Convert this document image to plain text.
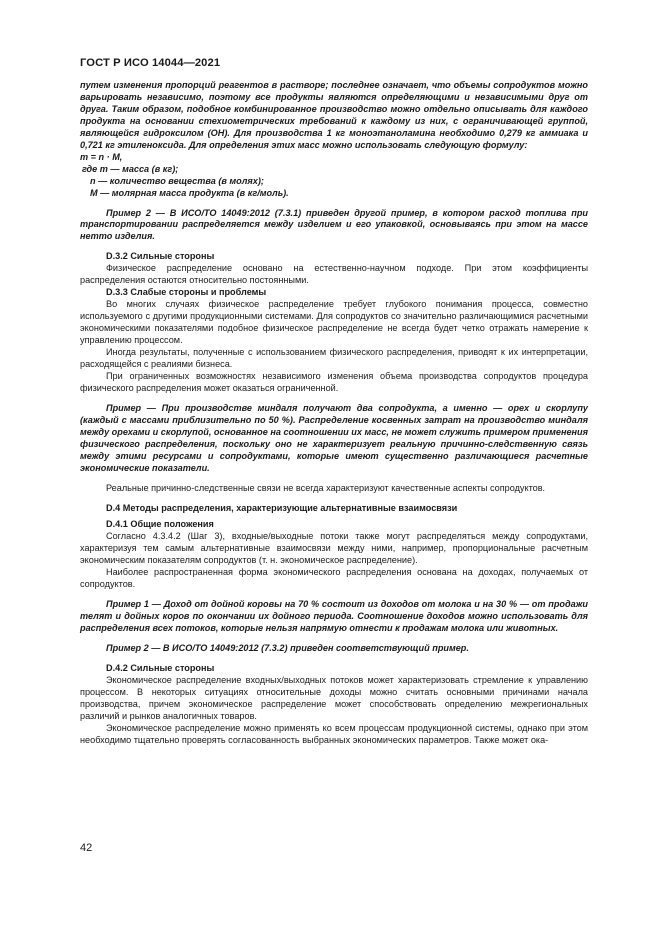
ГОСТ Р ИСО 14044—2021

путем изменения пропорций реагентов в растворе; последнее означает, что объемы сопродуктов можно варьировать независимо, поэтому все продукты являются определяющими и независимыми друг от друга. Таким образом, подобное комбинированное производство можно отдельно описывать для каждого продукта на основании стехиометрических требований к каждому из них, с ограничивающей группой, являющейся гидроксилом (ОН). Для производства 1 кг моноэтаноламина необходимо 0,279 кг аммиака и 0,721 кг этиленоксида. Для определения этих масс можно использовать следующую формулу:

m = n · M,

где m — масса (в кг);

n — количество вещества (в молях);

M — молярная масса продукта (в кг/моль).

Пример 2 — В ИСО/ТО 14049:2012 (7.3.1) приведен другой пример, в котором расход топлива при транспортировании распределяется между изделием и его упаковкой, основываясь при этом на массе нетто изделия.

D.3.2 Сильные стороны

Физическое распределение основано на естественно-научном подходе. При этом коэффициенты распределения остаются относительно постоянными.

D.3.3 Слабые стороны и проблемы

Во многих случаях физическое распределение требует глубокого понимания процесса, совместно используемого с другими продукционными системами. Для сопродуктов со значительно различающимися расчетными экономическими показателями подобное физическое распределение не всегда будет четко отражать намерение к управлению процессом.

Иногда результаты, полученные с использованием физического распределения, приводят к их интерпретации, расходящейся с реалиями бизнеса.

При ограниченных возможностях независимого изменения объема производства сопродуктов процедура физического распределения может оказаться ограниченной.

Пример — При производстве миндаля получают два сопродукта, а именно — орех и скорлупу (каждый с массами приблизительно по 50 %). Распределение косвенных затрат на производство миндаля между орехами и скорлупой, основанное на соотношении их масс, не может служить примером применения физического распределения, поскольку оно не характеризует реальную причинно-следственную связь между этими ресурсами и сопродуктами, которые имеют существенно различающиеся расчетные экономические показатели.

Реальные причинно-следственные связи не всегда характеризуют качественные аспекты сопродуктов.

D.4 Методы распределения, характеризующие альтернативные взаимосвязи

D.4.1 Общие положения

Согласно 4.3.4.2 (Шаг 3), входные/выходные потоки также могут распределяться между сопродуктами, характеризуя тем самым альтернативные взаимосвязи между ними, например, пропорциональные расчетным экономическим показателям сопродуктов (т. н. экономическое распределение).

Наиболее распространенная форма экономического распределения основана на доходах, получаемых от сопродуктов.

Пример 1 — Доход от дойной коровы на 70 % состоит из доходов от молока и на 30 % — от продажи телят и дойных коров по окончании их дойного периода. Соотношение доходов можно использовать для распределения всех потоков, которые нельзя напрямую отнести к продажам молока или животных.

Пример 2 — В ИСО/ТО 14049:2012 (7.3.2) приведен соответствующий пример.

D.4.2 Сильные стороны

Экономическое распределение входных/выходных потоков может характеризовать стремление к управлению процессом. В некоторых ситуациях относительные доходы можно считать основными причинами начала производства, причем экономическое распределение может способствовать определению межрегиональных различий и рынков аналогичных товаров.

Экономическое распределение можно применять ко всем процессам продукционной системы, однако при этом необходимо тщательно проверять согласованность выбранных экономических параметров. Также может ока-

42
